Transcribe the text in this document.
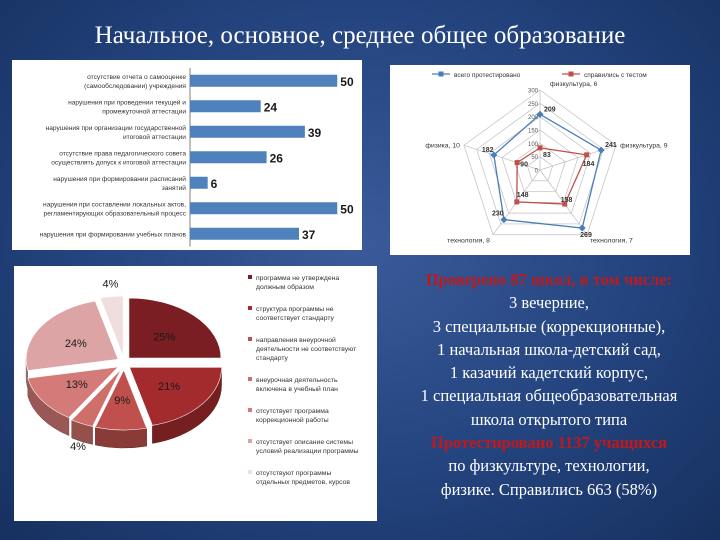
Начальное, основное, среднее общее образование
50
отсутствие отчета о самооценке
(самообследовании) учреждения
24
нарушения при проведении текущей и
промежуточной аттестации
39
нарушения при организации государственной
итоговой аттестации
26
отсутствие права педагогического совета
осуществлять допуск к итоговой аттестации
6
нарушения при формировании расписаний
занятий
50
нарушения при составлении локальных актов,
регламентирующих образовательный процесс
37
нарушения при формировании учебных планов
всего протестировано	справились с тестом
0
50
100
150
200
250
300
физкультура, 6
физкультура, 9
технология, 7
технология, 8
физика, 10
209
241
269
230
182
83
184
158
148
90
25%
21%
9%
4%
13%
24%
4%
программа не утверждена
должным образом
структура программы не
соответствует стандарту
направления внеурочной
деятельности не соответствуют
стандарту
внеурочная деятельность
включена в учебный план
отсутствует программа
коррекционной работы
отсутствует описание системы
условий реализации программы
отсутствуют программы
отдельных предметов, курсов
Проверено 87 школ, в том числе:
3 вечерние,
3 специальные (коррекционные),
1 начальная школа-детский сад,
1 казачий кадетский корпус,
1 специальная общеобразовательная
школа открытого типа
Протестировано 1137 учащихся
по физкультуре, технологии,
физике. Справились 663 (58%)
